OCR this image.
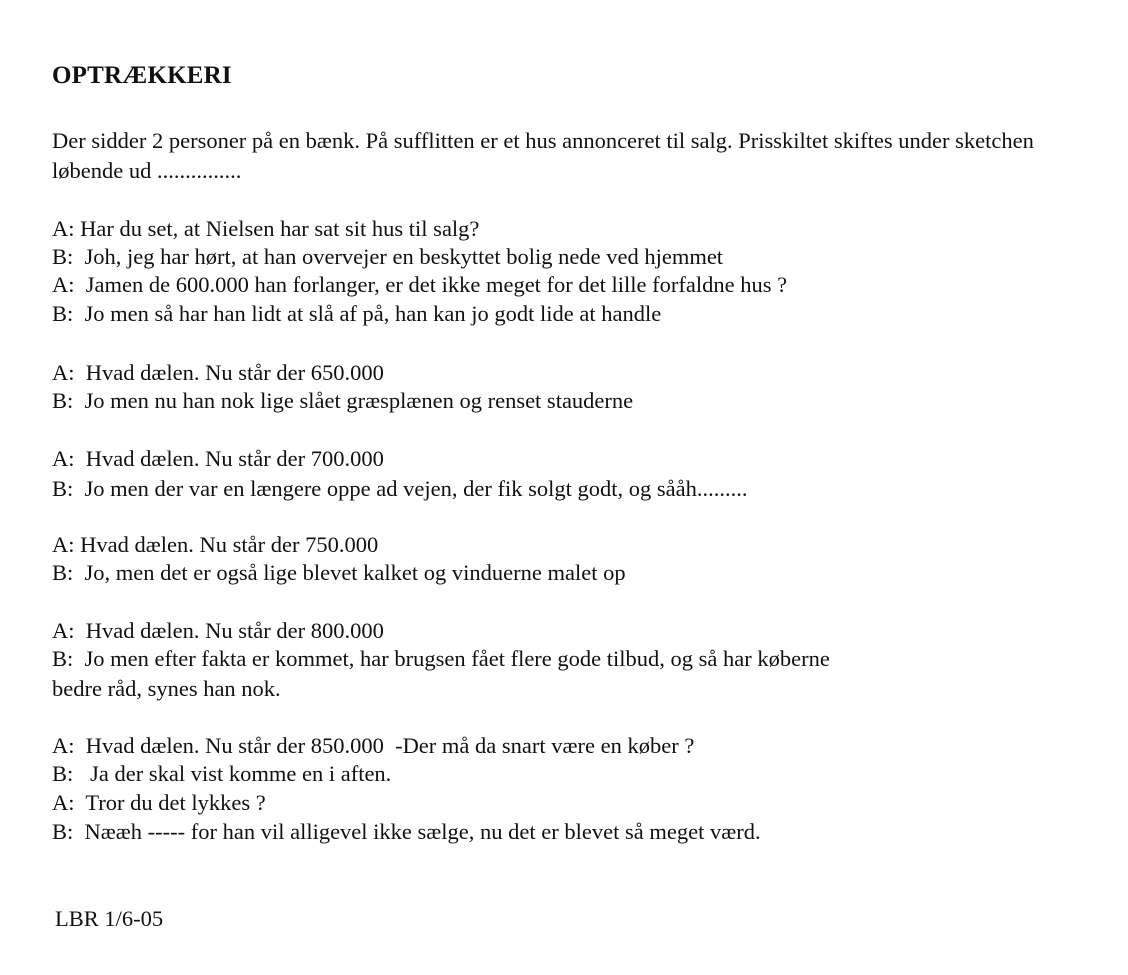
OPTRÆKKERI

Der sidder 2 personer på en bænk. På sufflitten er et hus annonceret til salg. Prisskiltet skiftes under sketchen løbende ud ...............

A: Har du set, at Nielsen har sat sit hus til salg?

B:  Joh, jeg har hørt, at han overvejer en beskyttet bolig nede ved hjemmet

A:  Jamen de 600.000 han forlanger, er det ikke meget for det lille forfaldne hus ?

B:  Jo men så har han lidt at slå af på, han kan jo godt lide at handle

A:  Hvad dælen. Nu står der 650.000

B:  Jo men nu han nok lige slået græsplænen og renset stauderne

A:  Hvad dælen. Nu står der 700.000

B:  Jo men der var en længere oppe ad vejen, der fik solgt godt, og sååh.........

A: Hvad dælen. Nu står der 750.000

B:  Jo, men det er også lige blevet kalket og vinduerne malet op

A:  Hvad dælen. Nu står der 800.000

B:  Jo men efter fakta er kommet, har brugsen fået flere gode tilbud, og så har køberne

bedre råd, synes han nok.

A:  Hvad dælen. Nu står der 850.000  -Der må da snart være en køber ?

B:   Ja der skal vist komme en i aften.

A:  Tror du det lykkes ?

B:  Nææh ----- for han vil alligevel ikke sælge, nu det er blevet så meget værd.

LBR 1/6-05
